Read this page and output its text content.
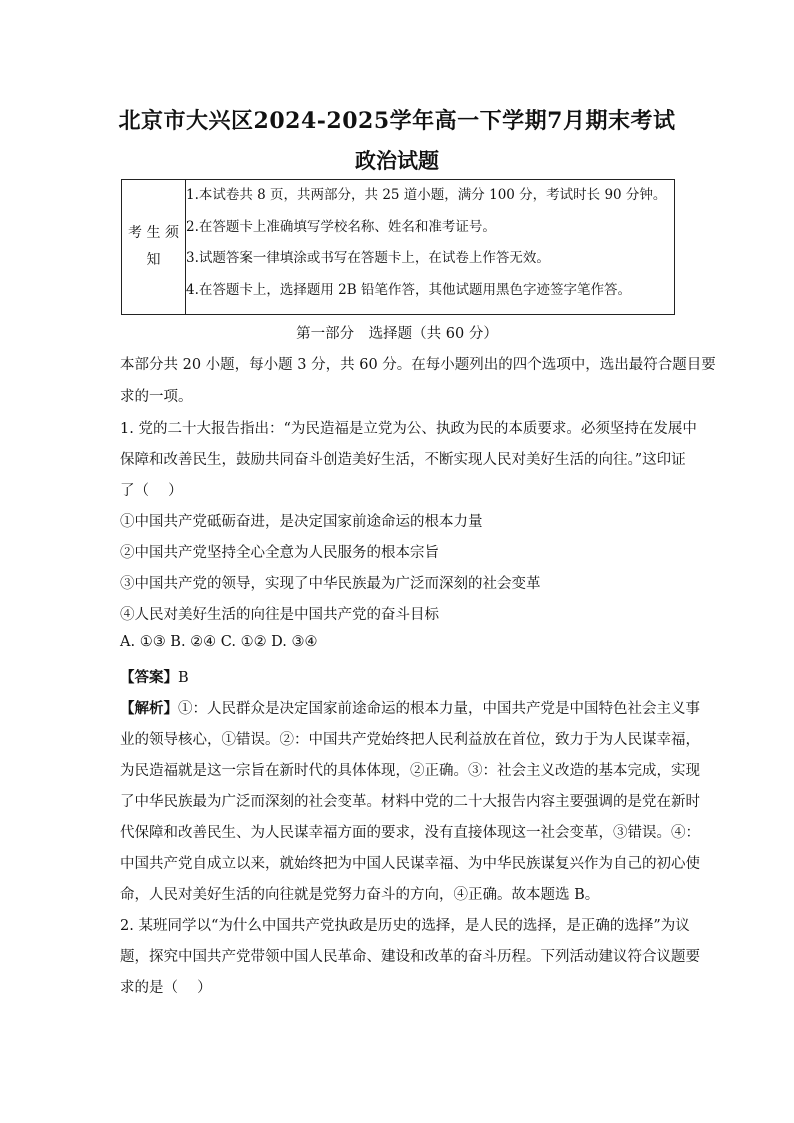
北京市大兴区2024-2025学年高一下学期7月期末考试
政治试题
考 生 须 知	
1.本试卷共 8 页，共两部分，共 25 道小题，满分 100 分，考试时长 90 分钟。
2.在答题卡上准确填写学校名称、姓名和准考证号。
3.试题答案一律填涂或书写在答题卡上，在试卷上作答无效。
4.在答题卡上，选择题用 2B 铅笔作答，其他试题用黑色字迹签字笔作答。
第一部分　选择题（共 60 分）
本部分共 20 小题，每小题 3 分，共 60 分。在每小题列出的四个选项中，选出最符合题目要
求的一项。
1. 党的二十大报告指出：“为民造福是立党为公、执政为民的本质要求。必须坚持在发展中
保障和改善民生，鼓励共同奋斗创造美好生活，不断实现人民对美好生活的向往。”这印证
了（　 ）
①中国共产党砥砺奋进，是决定国家前途命运的根本力量
②中国共产党坚持全心全意为人民服务的根本宗旨
③中国共产党的领导，实现了中华民族最为广泛而深刻的社会变革
④人民对美好生活的向往是中国共产党的奋斗目标
A. ①③ B. ②④ C. ①② D. ③④
【答案】B
【解析】①：人民群众是决定国家前途命运的根本力量，中国共产党是中国特色社会主义事
业的领导核心，①错误。②：中国共产党始终把人民利益放在首位，致力于为人民谋幸福，
为民造福就是这一宗旨在新时代的具体体现，②正确。③：社会主义改造的基本完成，实现
了中华民族最为广泛而深刻的社会变革。材料中党的二十大报告内容主要强调的是党在新时
代保障和改善民生、为人民谋幸福方面的要求，没有直接体现这一社会变革，③错误。④：
中国共产党自成立以来，就始终把为中国人民谋幸福、为中华民族谋复兴作为自己的初心使
命，人民对美好生活的向往就是党努力奋斗的方向，④正确。故本题选 B。
2. 某班同学以“为什么中国共产党执政是历史的选择，是人民的选择，是正确的选择”为议
题，探究中国共产党带领中国人民革命、建设和改革的奋斗历程。下列活动建议符合议题要
求的是（　 ）
